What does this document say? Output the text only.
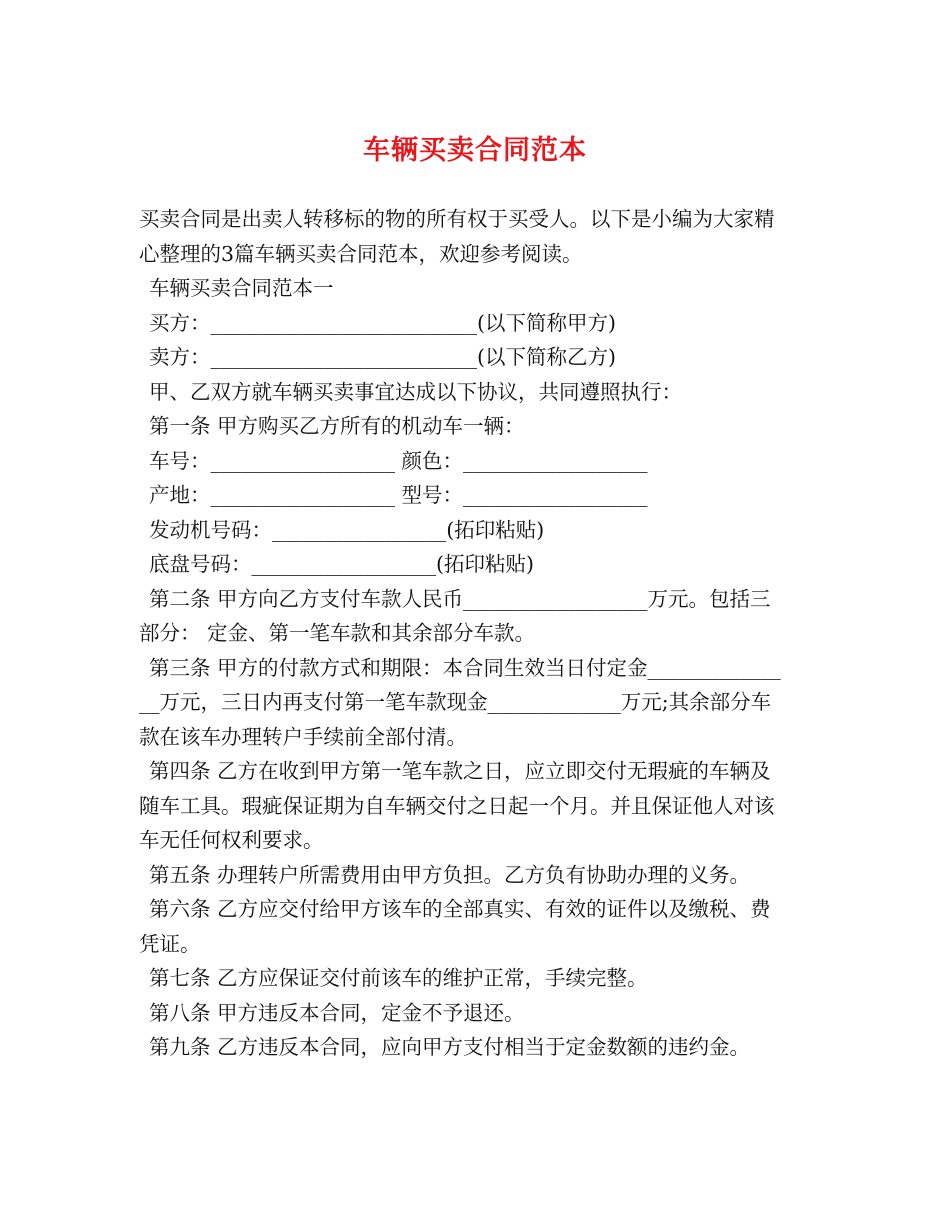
车辆买卖合同范本

买卖合同是出卖人转移标的物的所有权于买受人。以下是小编为大家精

心整理的3篇车辆买卖合同范本，欢迎参考阅读。

车辆买卖合同范本一

买方：__________________________(以下简称甲方)

卖方：__________________________(以下简称乙方)

甲、乙双方就车辆买卖事宜达成以下协议，共同遵照执行：

第一条 甲方购买乙方所有的机动车一辆：

车号：__________________ 颜色：__________________

产地：__________________ 型号：__________________

发动机号码：_________________(拓印粘贴)

底盘号码：__________________(拓印粘贴)

第二条 甲方向乙方支付车款人民币__________________万元。包括三

部分： 定金、第一笔车款和其余部分车款。

第三条 甲方的付款方式和期限：本合同生效当日付定金_____________

__万元，三日内再支付第一笔车款现金_____________万元;其余部分车

款在该车办理转户手续前全部付清。

第四条 乙方在收到甲方第一笔车款之日，应立即交付无瑕疵的车辆及

随车工具。瑕疵保证期为自车辆交付之日起一个月。并且保证他人对该

车无任何权利要求。

第五条 办理转户所需费用由甲方负担。乙方负有协助办理的义务。

第六条 乙方应交付给甲方该车的全部真实、有效的证件以及缴税、费

凭证。

第七条 乙方应保证交付前该车的维护正常，手续完整。

第八条 甲方违反本合同，定金不予退还。

第九条 乙方违反本合同，应向甲方支付相当于定金数额的违约金。
